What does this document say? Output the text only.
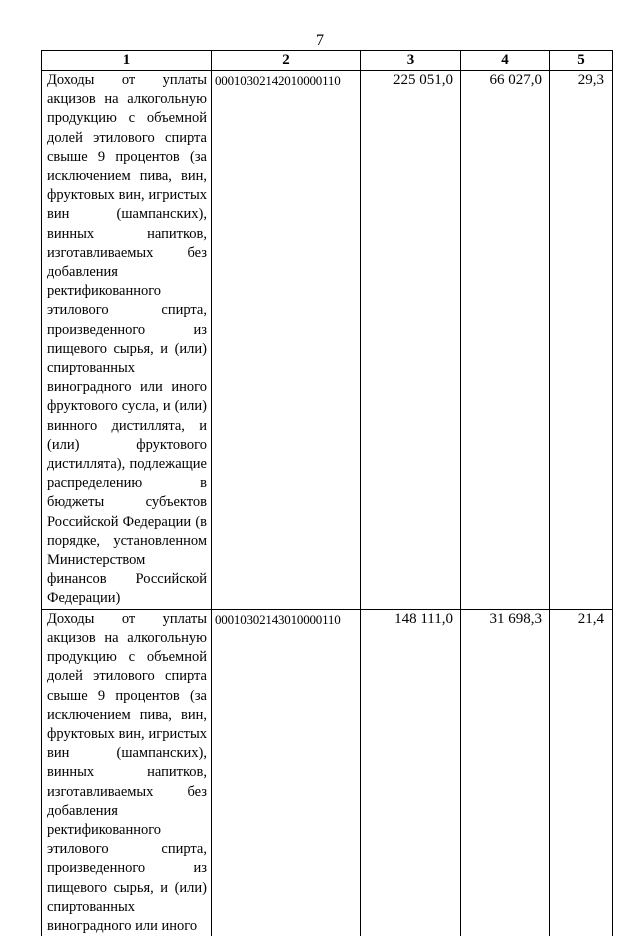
7
1	2	3	4	5
Доходы от уплаты акцизов на алкогольную продукцию с объемной долей этилового спирта свыше 9 процентов (за исключением пива, вин, фруктовых вин, игристых вин (шампанских), винных напитков, изготавливаемых без добавления ректификованного этилового спирта, произведенного из пищевого сырья, и (или) спиртованных виноградного или иного фруктового сусла, и (или) винного дистиллята, и (или) фруктового дистиллята), подлежащие распределению в бюджеты субъектов Российской Федерации (в порядке, установленном Министерством финансов Российской Федерации)	00010302142010000110	225 051,0	66 027,0	29,3
Доходы от уплаты акцизов на алкогольную продукцию с объемной долей этилового спирта свыше 9 процентов (за исключением пива, вин, фруктовых вин, игристых вин (шампанских), винных напитков, изготавливаемых без добавления ректификованного этилового спирта, произведенного из пищевого сырья, и (или) спиртованных виноградного или иного	00010302143010000110	148 111,0	31 698,3	21,4
